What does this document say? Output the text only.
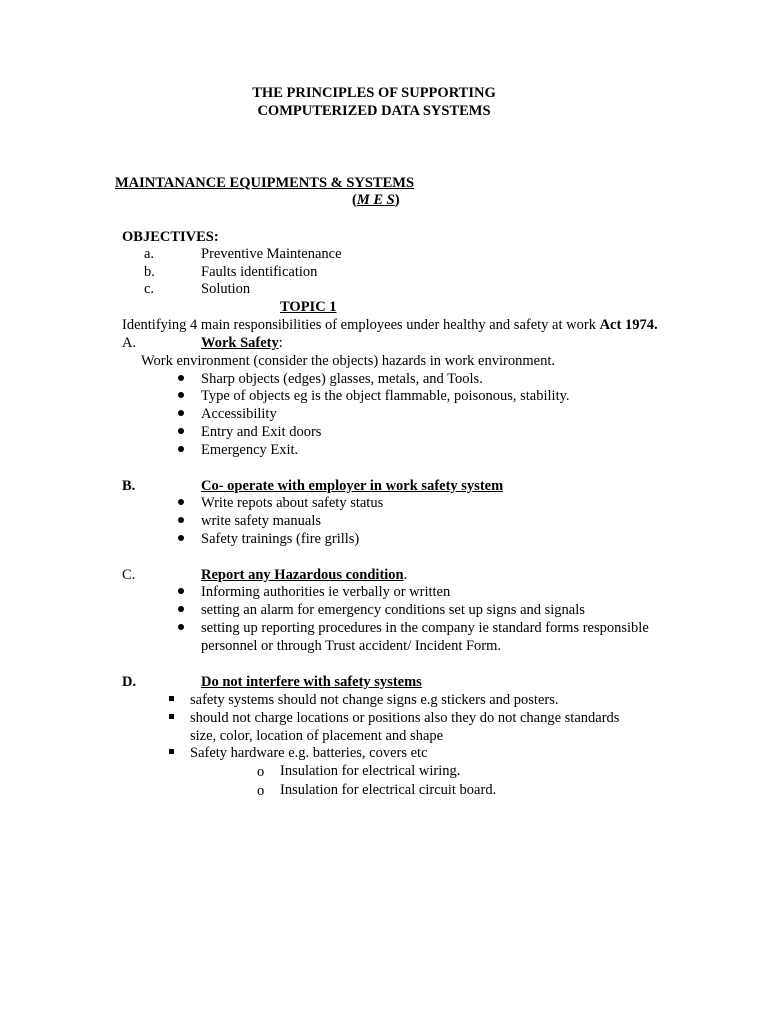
THE PRINCIPLES OF SUPPORTING
COMPUTERIZED DATA SYSTEMS
MAINTANANCE EQUIPMENTS & SYSTEMS
(M E S)
OBJECTIVES:
a.	Preventive Maintenance
b.	Faults identification
c.	Solution
TOPIC 1
Identifying 4 main responsibilities of employees under healthy and safety at work Act 1974.
A.	Work Safety:
Work environment (consider the objects) hazards in work environment.
Sharp objects (edges) glasses, metals, and Tools.
Type of objects eg is the object flammable, poisonous, stability.
Accessibility
Entry and Exit doors
Emergency Exit.
B.	Co- operate with employer in work safety system
Write repots about safety status
write safety manuals
Safety trainings (fire grills)
C.	Report any Hazardous condition.
Informing authorities ie verbally or written
setting an alarm for emergency conditions set up signs and signals
setting up reporting procedures in the company ie standard forms responsible
personnel or through Trust accident/ Incident Form.
D.	Do not interfere with safety systems
safety systems should not change signs e.g stickers and posters.
should not charge locations or positions also they do not change standards
size, color, location of placement and shape
Safety hardware e.g. batteries, covers etc
o Insulation for electrical wiring.
o Insulation for electrical circuit board.
